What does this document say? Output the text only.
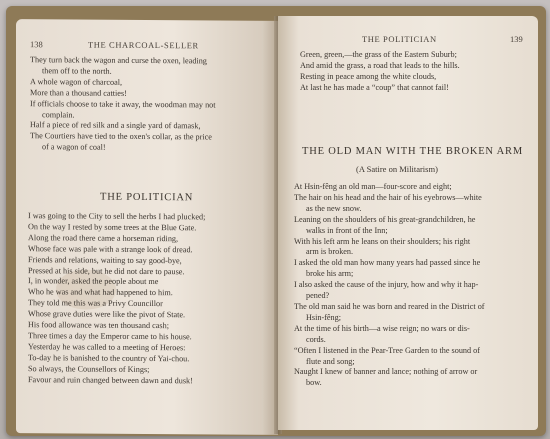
138	THE CHARCOAL-SELLER
They turn back the wagon and curse the oxen, leading
them off to the north.
A whole wagon of charcoal,
More than a thousand catties!
If officials choose to take it away, the woodman may not
complain.
Half a piece of red silk and a single yard of damask,
The Courtiers have tied to the oxen's collar, as the price
of a wagon of coal!
THE POLITICIAN
I was going to the City to sell the herbs I had plucked;
On the way I rested by some trees at the Blue Gate.
Along the road there came a horseman riding,
Whose face was pale with a strange look of dread.
Friends and relations, waiting to say good-bye,
Pressed at his side, but he did not dare to pause.
I, in wonder, asked the people about me
Who he was and what had happened to him.
They told me this was a Privy Councillor
Whose grave duties were like the pivot of State.
His food allowance was ten thousand cash;
Three times a day the Emperor came to his house.
Yesterday he was called to a meeting of Heroes:
To-day he is banished to the country of Yai-chou.
So always, the Counsellors of Kings;
Favour and ruin changed between dawn and dusk!
THE POLITICIAN	139
Green, green,—the grass of the Eastern Suburb;
And amid the grass, a road that leads to the hills.
Resting in peace among the white clouds,
At last he has made a “coup” that cannot fail!
THE OLD MAN WITH THE BROKEN ARM
(A Satire on Militarism)
At Hsin-fêng an old man—four-score and eight;
The hair on his head and the hair of his eyebrows—white
as the new snow.
Leaning on the shoulders of his great-grandchildren, he
walks in front of the Inn;
With his left arm he leans on their shoulders; his right
arm is broken.
I asked the old man how many years had passed since he
broke his arm;
I also asked the cause of the injury, how and why it hap-
pened?
The old man said he was born and reared in the District of
Hsin-fêng;
At the time of his birth—a wise reign; no wars or dis-
cords.
“Often I listened in the Pear-Tree Garden to the sound of
flute and song;
Naught I knew of banner and lance; nothing of arrow or
bow.
